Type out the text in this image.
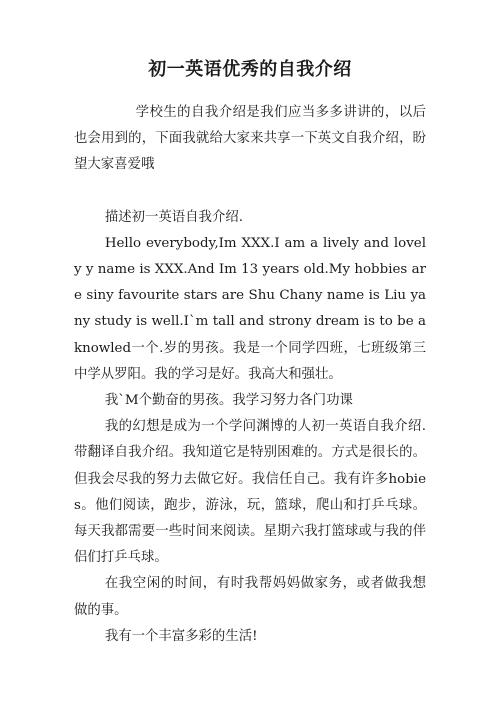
初一英语优秀的自我介绍

学校生的自我介绍是我们应当多多讲讲的，以后也会用到的，下面我就给大家来共享一下英文自我介绍，盼望大家喜爱哦

描述初一英语自我介绍.

Hello everybody,Im XXX.I am a lively and lovely y name is XXX.And Im 13 years old.My hobbies are siny favourite stars are Shu Chany name is Liu yany study is well.I`m tall and strony dream is to be a knowled一个.岁的男孩。我是一个同学四班，七班级第三中学从罗阳。我的学习是好。我高大和强壮。

我`M个勤奋的男孩。我学习努力各门功课

我的幻想是成为一个学问渊博的人初一英语自我介绍.带翻译自我介绍。我知道它是特别困难的。方式是很长的。但我会尽我的努力去做它好。我信任自己。我有许多hobies。他们阅读，跑步，游泳，玩，篮球，爬山和打乒乓球。每天我都需要一些时间来阅读。星期六我打篮球或与我的伴侣们打乒乓球。

在我空闲的时间，有时我帮妈妈做家务，或者做我想做的事。

我有一个丰富多彩的生活!
